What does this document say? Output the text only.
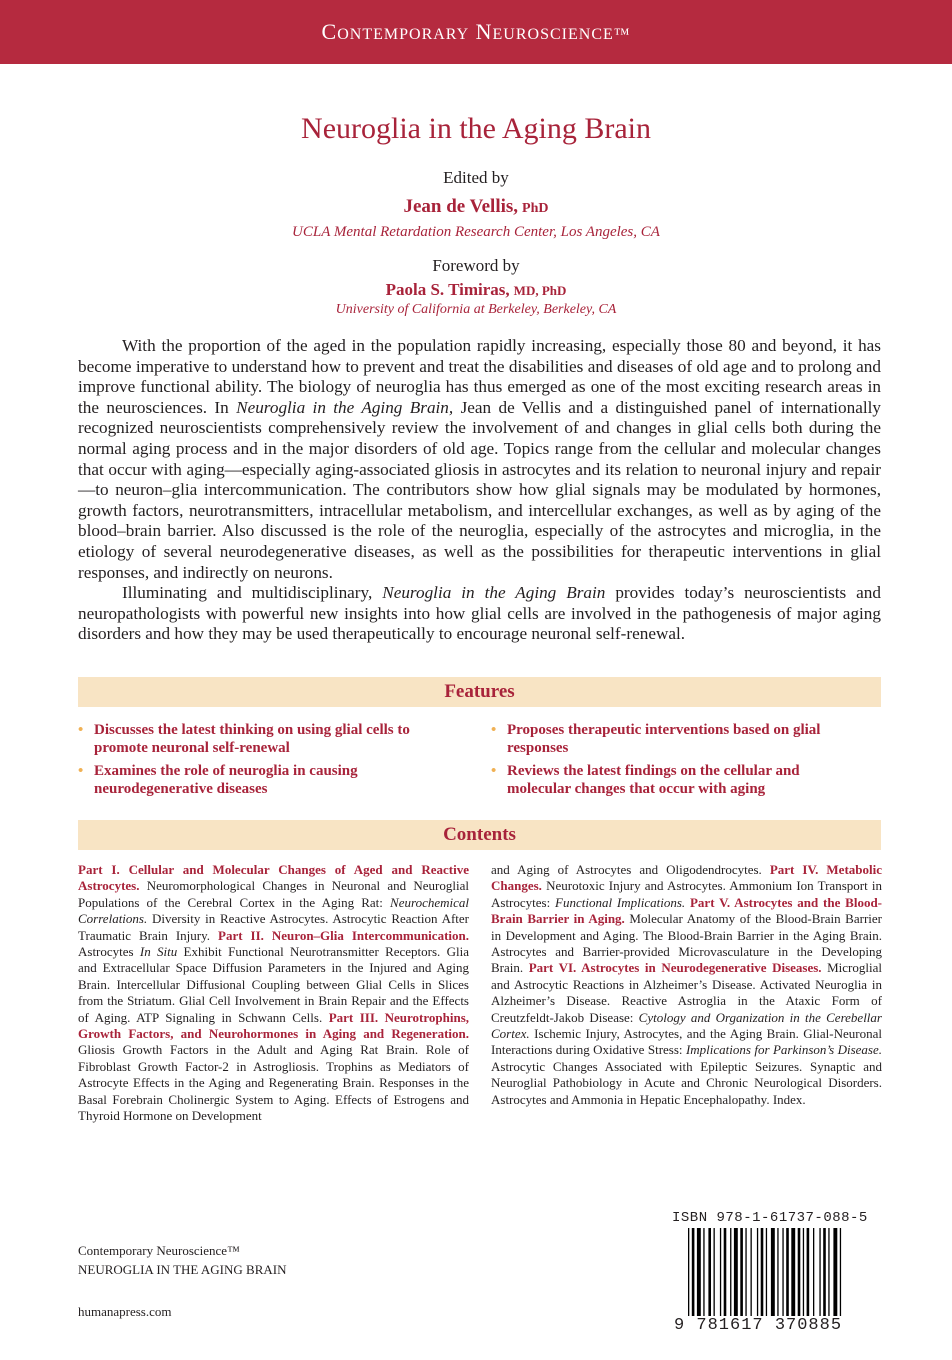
CONTEMPORARY NEUROSCIENCE™
Neuroglia in the Aging Brain
Edited by
Jean de Vellis, PhD
UCLA Mental Retardation Research Center, Los Angeles, CA
Foreword by
Paola S. Timiras, MD, PhD
University of California at Berkeley, Berkeley, CA

With the proportion of the aged in the population rapidly increasing, especially those 80 and beyond, it has become imperative to understand how to prevent and treat the disabilities and diseases of old age and to prolong and improve functional ability. The biology of neuroglia has thus emerged as one of the most exciting research areas in the neurosciences. In Neuroglia in the Aging Brain, Jean de Vellis and a distinguished panel of internationally recognized neuroscientists comprehensively review the involvement of and changes in glial cells both during the normal aging process and in the major disorders of old age. Topics range from the cellular and molecular changes that occur with aging—especially aging-associated gliosis in astrocytes and its relation to neuronal injury and repair—to neuron–glia intercommunication. The contributors show how glial signals may be modulated by hormones, growth factors, neurotransmitters, intracellular metabolism, and intercellular exchanges, as well as by aging of the blood–brain barrier. Also discussed is the role of the neuroglia, especially of the astrocytes and microglia, in the etiology of several neurodegenerative diseases, as well as the possibilities for therapeutic interventions in glial responses, and indirectly on neurons.

Illuminating and multidisciplinary, Neuroglia in the Aging Brain provides today’s neuroscientists and neuropathologists with powerful new insights into how glial cells are involved in the pathogenesis of major aging disorders and how they may be used therapeutically to encourage neuronal self-renewal.

Features
• Discusses the latest thinking on using glial cells to promote neuronal self-renewal
• Examines the role of neuroglia in causing neurodegenerative diseases
• Proposes therapeutic interventions based on glial responses
• Reviews the latest findings on the cellular and molecular changes that occur with aging
Contents
Part I. Cellular and Molecular Changes of Aged and Reactive Astrocytes. Neuromorphological Changes in Neuronal and Neuroglial Populations of the Cerebral Cortex in the Aging Rat: Neurochemical Correlations. Diversity in Reactive Astrocytes. Astrocytic Reaction After Traumatic Brain Injury. Part II. Neuron–Glia Intercommunication. Astrocytes In Situ Exhibit Functional Neurotransmitter Receptors. Glia and Extracellular Space Diffusion Parameters in the Injured and Aging Brain. Intercellular Diffusional Coupling between Glial Cells in Slices from the Striatum. Glial Cell Involvement in Brain Repair and the Effects of Aging. ATP Signaling in Schwann Cells. Part III. Neurotrophins, Growth Factors, and Neurohormones in Aging and Regeneration. Gliosis Growth Factors in the Adult and Aging Rat Brain. Role of Fibroblast Growth Factor-2 in Astrogliosis. Trophins as Mediators of Astrocyte Effects in the Aging and Regenerating Brain. Responses in the Basal Forebrain Cholinergic System to Aging. Effects of Estrogens and Thyroid Hormone on Development
and Aging of Astrocytes and Oligodendrocytes. Part IV. Metabolic Changes. Neurotoxic Injury and Astrocytes. Ammonium Ion Transport in Astrocytes: Functional Implications. Part V. Astrocytes and the Blood-Brain Barrier in Aging. Molecular Anatomy of the Blood-Brain Barrier in Development and Aging. The Blood-Brain Barrier in the Aging Brain. Astrocytes and Barrier-provided Microvasculature in the Developing Brain. Part VI. Astrocytes in Neurodegenerative Diseases. Microglial and Astrocytic Reactions in Alzheimer’s Disease. Activated Neuroglia in Alzheimer’s Disease. Reactive Astroglia in the Ataxic Form of Creutzfeldt-Jakob Disease: Cytology and Organization in the Cerebellar Cortex. Ischemic Injury, Astrocytes, and the Aging Brain. Glial-Neuronal Interactions during Oxidative Stress: Implications for Parkinson’s Disease. Astrocytic Changes Associated with Epileptic Seizures. Synaptic and Neuroglial Pathobiology in Acute and Chronic Neurological Disorders. Astrocytes and Ammonia in Hepatic Encephalopathy. Index.
Contemporary Neuroscience™
NEUROGLIA IN THE AGING BRAIN
humanapress.com
ISBN 978-1-61737-088-5
9 781617 370885
